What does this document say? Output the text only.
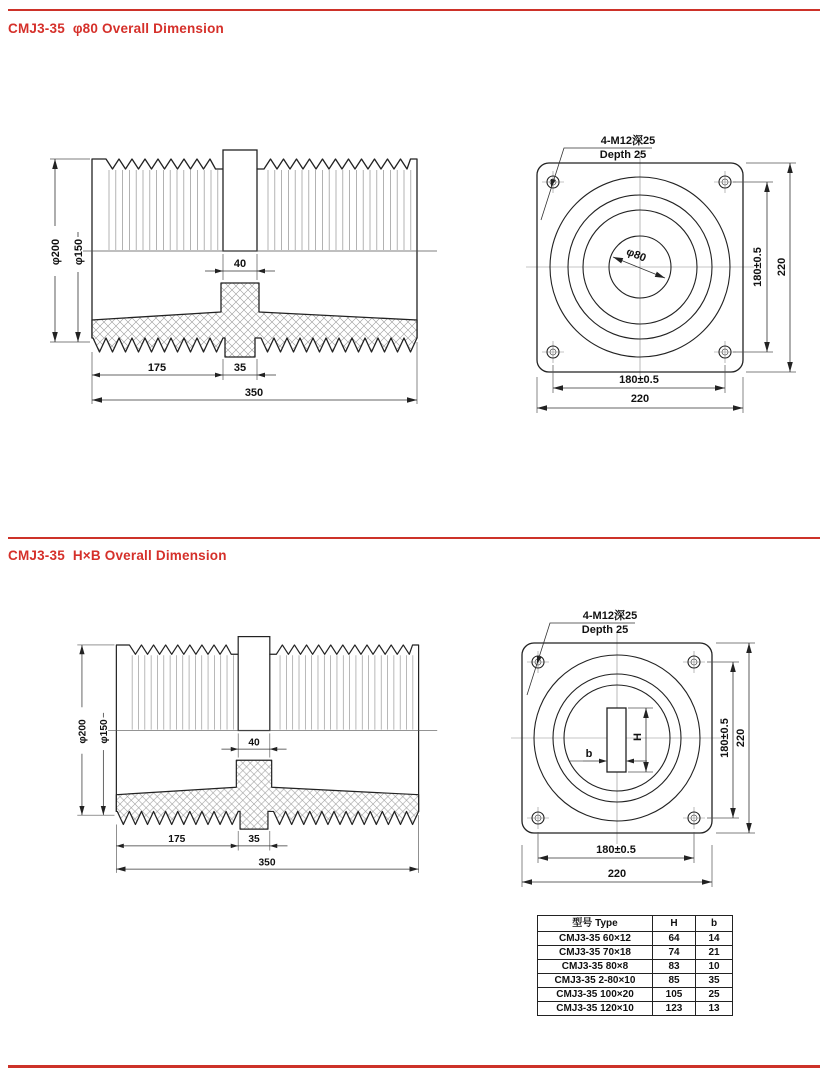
CMJ3-35  φ80 Overall Dimension
φ200 φ150	40
175	35
350
4-M12深25
Depth 25
φ80	180±0.5 220
180±0.5
220
CMJ3-35  H×B Overall Dimension
φ200 φ150	40
175	35
350
4-M12深25
Depth 25
H
b	180±0.5 220
180±0.5
220
型号 Type	H	b
CMJ3-35 60×12	64	14
CMJ3-35 70×18	74	21
CMJ3-35 80×8	83	10
CMJ3-35 2-80×10	85	35
CMJ3-35 100×20	105	25
CMJ3-35 120×10	123	13
